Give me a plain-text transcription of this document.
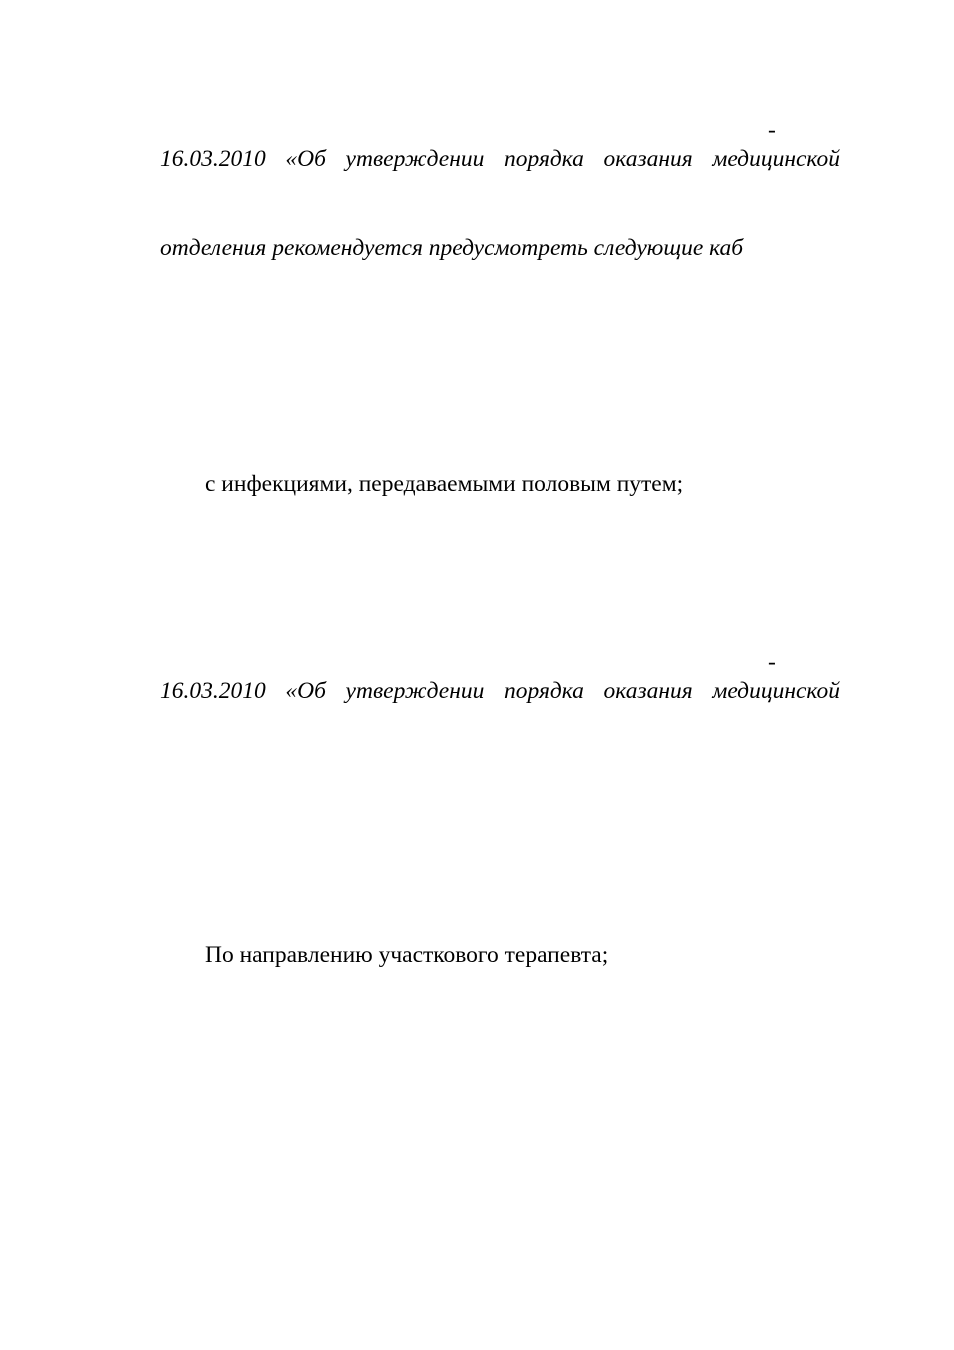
-
16.03.2010 «Об утверждении порядка оказания медицинской
отделения рекомендуется предусмотреть следующие каб
с инфекциями, передаваемыми половым путем;
-
16.03.2010 «Об утверждении порядка оказания медицинской
По направлению участкового терапевта;
